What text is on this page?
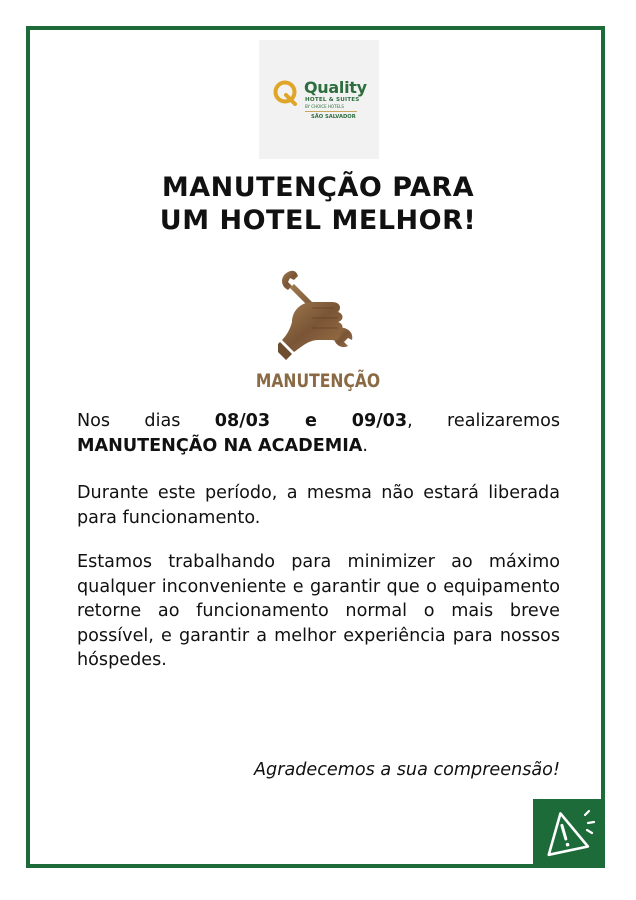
Quality
HOTEL & SUITES
BY CHOICE HOTELS
SÃO SALVADOR
MANUTENÇÃO PARA
UM HOTEL MELHOR!
MANUTENÇÃO
Nos dias 08/03 e 09/03, realizaremos MANUTENÇÃO NA ACADEMIA.
Durante este período, a mesma não estará liberada para funcionamento.
Estamos trabalhando para minimizer ao máximo qualquer inconveniente e garantir que o equipamento retorne ao funcionamento normal o mais breve possível, e garantir a melhor experiência para nossos hóspedes.
Agradecemos a sua compreensão!
